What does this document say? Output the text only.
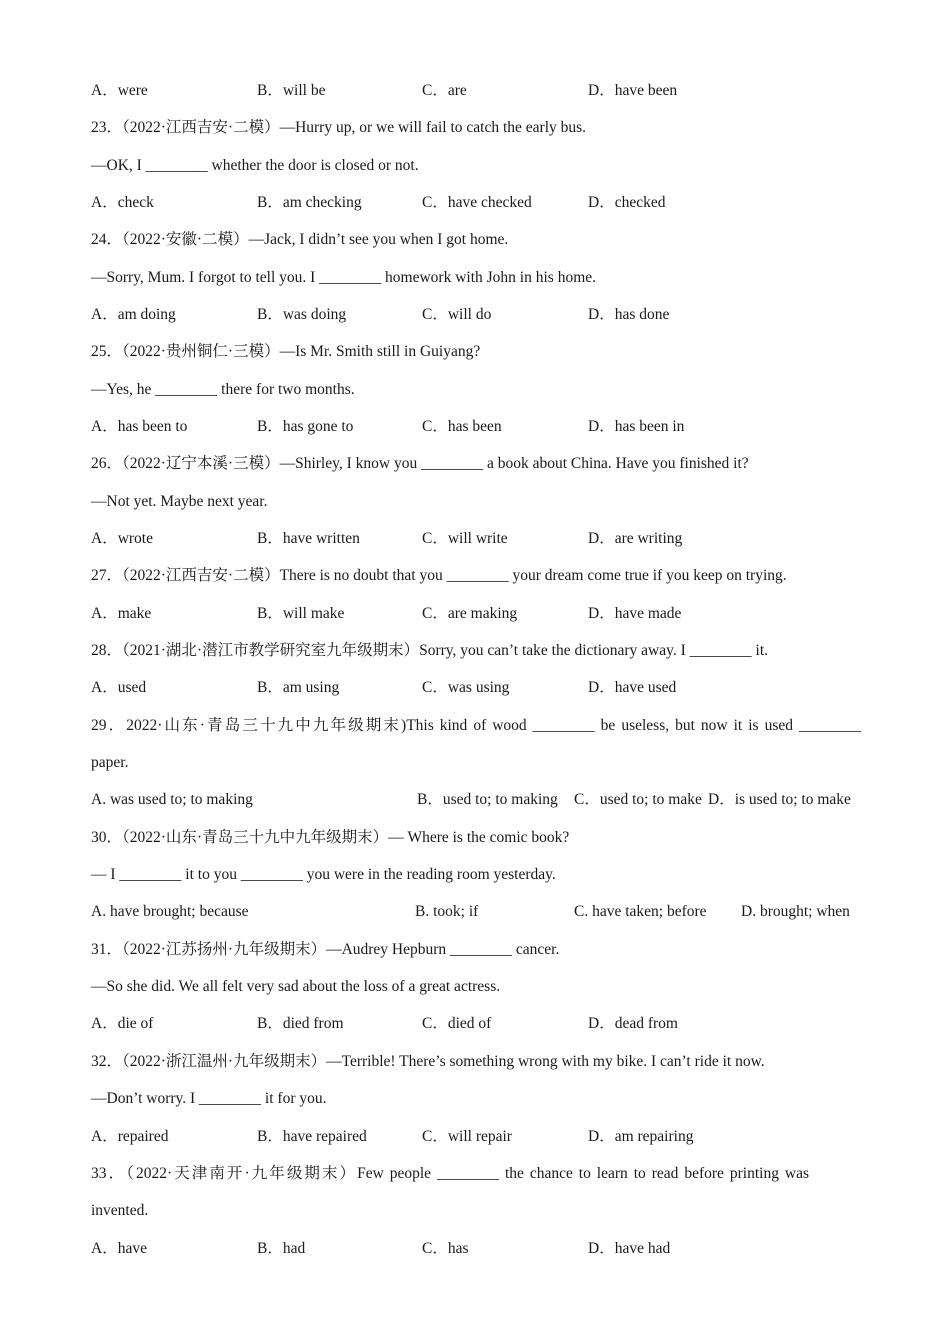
A．were	B．will be	C．are	D．have been
23．（2022·江西吉安·二模）—Hurry up, or we will fail to catch the early bus.
—OK, I ________ whether the door is closed or not.
A．check	B．am checking	C．have checked	D．checked
24．（2022·安徽·二模）—Jack, I didn’t see you when I got home.
—Sorry, Mum. I forgot to tell you. I ________ homework with John in his home.
A．am doing	B．was doing	C．will do	D．has done
25．（2022·贵州铜仁·三模）—Is Mr. Smith still in Guiyang?
—Yes, he ________ there for two months.
A．has been to	B．has gone to	C．has been	D．has been in
26．（2022·辽宁本溪·三模）—Shirley, I know you ________ a book about China. Have you finished it?
—Not yet. Maybe next year.
A．wrote	B．have written	C．will write	D．are writing
27．（2022·江西吉安·二模）There is no doubt that you ________ your dream come true if you keep on trying.
A．make	B．will make	C．are making	D．have made
28．（2021·湖北·潜江市教学研究室九年级期末）Sorry, you can’t take the dictionary away. I ________ it.
A．used	B．am using	C．was using	D．have used
29．2022·山东·青岛三十九中九年级期末)This kind of wood ________ be useless, but now it is used ________
paper.
A. was used to; to making	B．used to; to making C．used to; to make D．is used to; to make
30．（2022·山东·青岛三十九中九年级期末）— Where is the comic book?
— I ________ it to you ________ you were in the reading room yesterday.
A. have brought; because	B. took; if	C. have taken; before D. brought; when
31．（2022·江苏扬州·九年级期末）—Audrey Hepburn ________ cancer.
—So she did. We all felt very sad about the loss of a great actress.
A．die of	B．died from	C．died of	D．dead from
32．（2022·浙江温州·九年级期末）—Terrible! There’s something wrong with my bike. I can’t ride it now.
—Don’t worry. I ________ it for you.
A．repaired	B．have repaired	C．will repair	D．am repairing
33．（2022·天津南开·九年级期末）Few people ________ the chance to learn to read before printing was
invented.
A．have	B．had	C．has	D．have had
